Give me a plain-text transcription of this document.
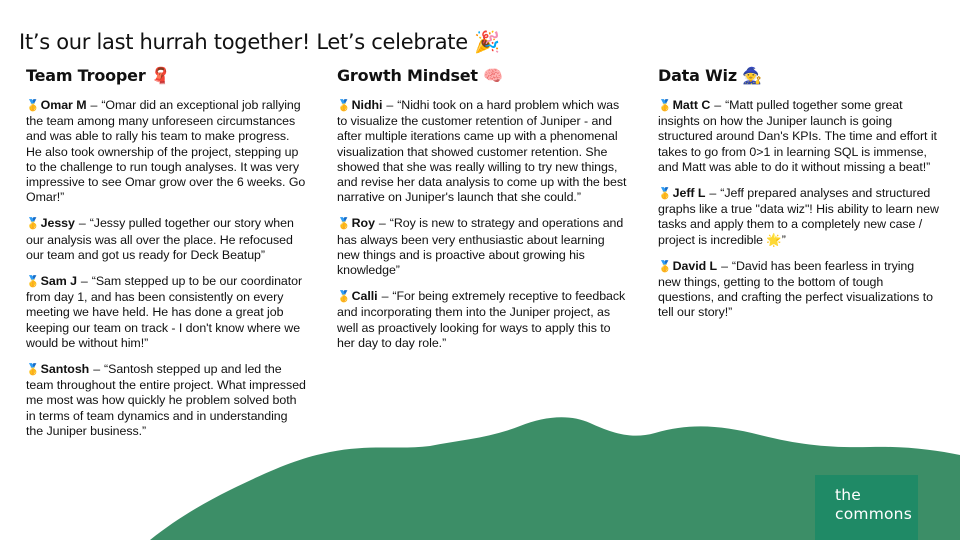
It’s our last hurrah together! Let’s celebrate 🎉
Team Trooper 🧣
🥇Omar M – “Omar did an exceptional job rallying the team among many unforeseen circumstances and was able to rally his team to make progress. He also took ownership of the project, stepping up to the challenge to run tough analyses. It was very impressive to see Omar grow over the 6 weeks. Go Omar!”
🥇Jessy – “Jessy pulled together our story when our analysis was all over the place. He refocused our team and got us ready for Deck Beatup”
🥇Sam J – “Sam stepped up to be our coordinator from day 1, and has been consistently on every meeting we have held. He has done a great job keeping our team on track - I don't know where we would be without him!”
🥇Santosh – “Santosh stepped up and led the team throughout the entire project. What impressed me most was how quickly he problem solved both in terms of team dynamics and in understanding the Juniper business.”
Growth Mindset 🧠
🥇Nidhi – “Nidhi took on a hard problem which was to visualize the customer retention of Juniper - and after multiple iterations came up with a phenomenal visualization that showed customer retention. She showed that she was really willing to try new things, and revise her data analysis to come up with the best narrative on Juniper's launch that she could.”
🥇Roy – “Roy is new to strategy and operations and has always been very enthusiastic about learning new things and is proactive about growing his knowledge”
🥇Calli – “For being extremely receptive to feedback and incorporating them into the Juniper project, as well as proactively looking for ways to apply this to her day to day role.”
Data Wiz 🧙
🥇Matt C – “Matt pulled together some great insights on how the Juniper launch is going structured around Dan's KPIs. The time and effort it takes to go from 0>1 in learning SQL is immense, and Matt was able to do it without missing a beat!”
🥇Jeff L – “Jeff prepared analyses and structured graphs like a true "data wiz"! His ability to learn new tasks and apply them to a completely new case / project is incredible 🌟”
🥇David L – “David has been fearless in trying new things, getting to the bottom of tough questions, and crafting the perfect visualizations to tell our story!”
the
commons
